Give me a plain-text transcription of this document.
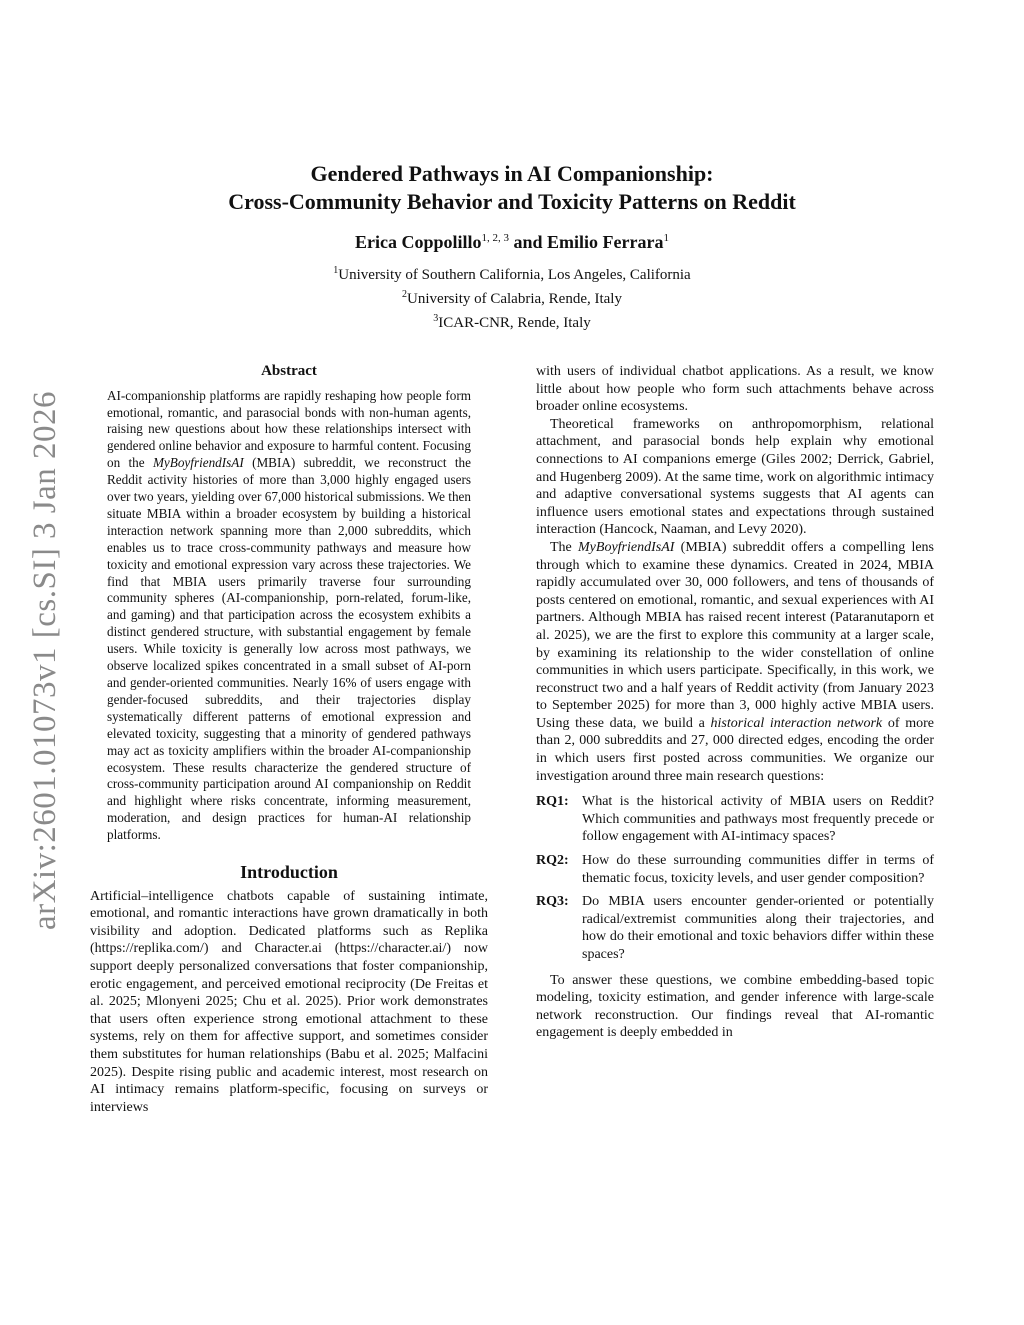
arXiv:2601.01073v1 [cs.SI] 3 Jan 2026
Gendered Pathways in AI Companionship:
Cross-Community Behavior and Toxicity Patterns on Reddit
Erica Coppolillo$^{1, 2, 3}$ and Emilio Ferrara$^1$
$^1$University of Southern California, Los Angeles, California
$^2$University of Calabria, Rende, Italy
$^3$ICAR-CNR, Rende, Italy
Abstract

AI-companionship platforms are rapidly reshaping how people form emotional, romantic, and parasocial bonds with non-human agents, raising new questions about how these relationships intersect with gendered online behavior and exposure to harmful content. Focusing on the MyBoyfriendIsAI (MBIA) subreddit, we reconstruct the Reddit activity histories of more than 3,000 highly engaged users over two years, yielding over 67,000 historical submissions. We then situate MBIA within a broader ecosystem by building a historical interaction network spanning more than 2,000 subreddits, which enables us to trace cross-community pathways and measure how toxicity and emotional expression vary across these trajectories. We find that MBIA users primarily traverse four surrounding community spheres (AI-companionship, porn-related, forum-like, and gaming) and that participation across the ecosystem exhibits a distinct gendered structure, with substantial engagement by female users. While toxicity is generally low across most pathways, we observe localized spikes concentrated in a small subset of AI-porn and gender-oriented communities. Nearly 16% of users engage with gender-focused subreddits, and their trajectories display systematically different patterns of emotional expression and elevated toxicity, suggesting that a minority of gendered pathways may act as toxicity amplifiers within the broader AI-companionship ecosystem. These results characterize the gendered structure of cross-community participation around AI companionship on Reddit and highlight where risks concentrate, informing measurement, moderation, and design practices for human-AI relationship platforms.

Introduction

Artificial–intelligence chatbots capable of sustaining intimate, emotional, and romantic interactions have grown dramatically in both visibility and adoption. Dedicated platforms such as Replika (https://replika.com/) and Character.ai (https://character.ai/) now support deeply personalized conversations that foster companionship, erotic engagement, and perceived emotional reciprocity (De Freitas et al. 2025; Mlonyeni 2025; Chu et al. 2025). Prior work demonstrates that users often experience strong emotional attachment to these systems, rely on them for affective support, and sometimes consider them substitutes for human relationships (Babu et al. 2025; Malfacini 2025). Despite rising public and academic interest, most research on AI intimacy remains platform-specific, focusing on surveys or interviews

with users of individual chatbot applications. As a result, we know little about how people who form such attachments behave across broader online ecosystems.

Theoretical frameworks on anthropomorphism, relational attachment, and parasocial bonds help explain why emotional connections to AI companions emerge (Giles 2002; Derrick, Gabriel, and Hugenberg 2009). At the same time, work on algorithmic intimacy and adaptive conversational systems suggests that AI agents can influence users emotional states and expectations through sustained interaction (Hancock, Naaman, and Levy 2020).

The MyBoyfriendIsAI (MBIA) subreddit offers a compelling lens through which to examine these dynamics. Created in 2024, MBIA rapidly accumulated over 30, 000 followers, and tens of thousands of posts centered on emotional, romantic, and sexual experiences with AI partners. Although MBIA has raised recent interest (Pataranutaporn et al. 2025), we are the first to explore this community at a larger scale, by examining its relationship to the wider constellation of online communities in which users participate. Specifically, in this work, we reconstruct two and a half years of Reddit activity (from January 2023 to September 2025) for more than 3, 000 highly active MBIA users. Using these data, we build a historical interaction network of more than 2, 000 subreddits and 27, 000 directed edges, encoding the order in which users first posted across communities. We organize our investigation around three main research questions:

RQ1: What is the historical activity of MBIA users on Reddit? Which communities and pathways most frequently precede or follow engagement with AI-intimacy spaces?
RQ2: How do these surrounding communities differ in terms of thematic focus, toxicity levels, and user gender composition?
RQ3: Do MBIA users encounter gender-oriented or potentially radical/extremist communities along their trajectories, and how do their emotional and toxic behaviors differ within these spaces?

To answer these questions, we combine embedding-based topic modeling, toxicity estimation, and gender inference with large-scale network reconstruction. Our findings reveal that AI-romantic engagement is deeply embedded in
